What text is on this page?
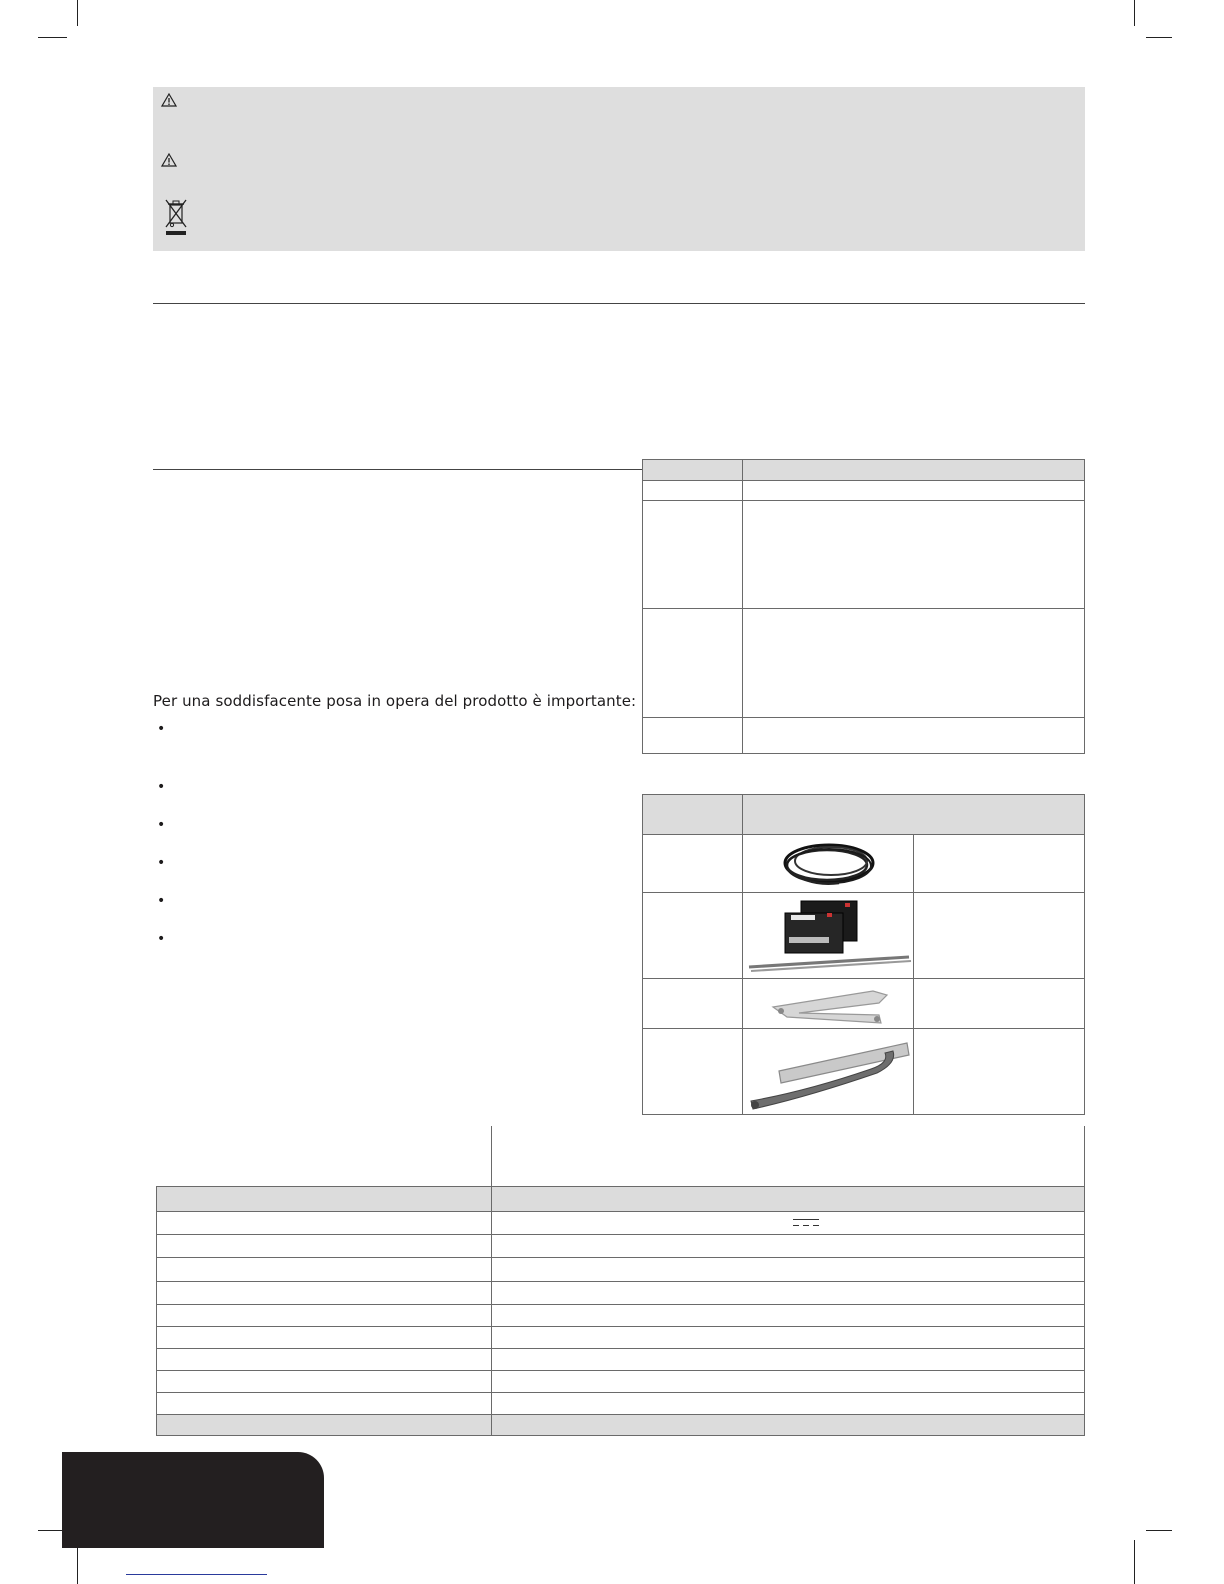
Per una soddisfacente posa in opera del prodotto è importante:
•
•
•
•
•
•
